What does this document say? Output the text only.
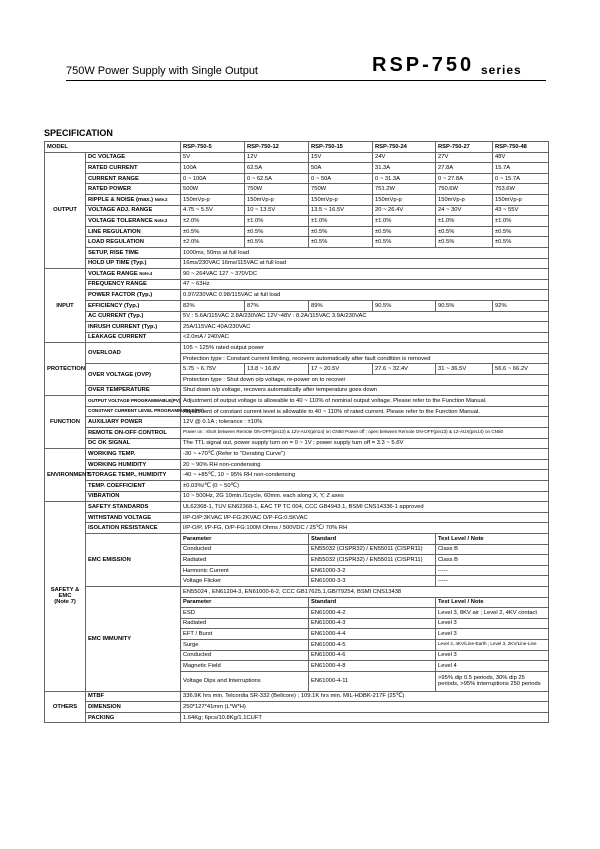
750W Power Supply with Single Output	RSP-750 series
SPECIFICATION
MODEL		RSP-750-5	RSP-750-12	RSP-750-15	RSP-750-24	RSP-750-27	RSP-750-48

OUTPUT	DC VOLTAGE	5V	12V	15V	24V	27V	48V
	RATED CURRENT	100A	62.5A	50A	31.3A	27.8A	15.7A
	CURRENT RANGE	0 ~ 100A	0 ~ 62.5A	0 ~ 50A	0 ~ 31.3A	0 ~ 27.8A	0 ~ 15.7A
	RATED POWER	500W	750W	750W	751.2W	750.6W	753.6W
	RIPPLE & NOISE (max.) Note.2	150mVp-p	150mVp-p	150mVp-p	150mVp-p	150mVp-p	150mVp-p
	VOLTAGE ADJ. RANGE	4.75 ~ 5.5V	10 ~ 13.5V	13.5 ~ 16.5V	20 ~ 26.4V	24 ~ 30V	43 ~ 55V
	VOLTAGE TOLERANCE Note.3	±2.0%	±1.0%	±1.0%	±1.0%	±1.0%	±1.0%
	LINE REGULATION	±0.5%	±0.5%	±0.5%	±0.5%	±0.5%	±0.5%
	LOAD REGULATION	±2.0%	±0.5%	±0.5%	±0.5%	±0.5%	±0.5%
	SETUP, RISE TIME	1000ms, 50ms at full load					
	HOLD UP TIME (Typ.)	16ms/230VAC 16ms/115VAC at full load					

INPUT	VOLTAGE RANGE Note.4	90 ~ 264VAC 127 ~ 370VDC					
	FREQUENCY RANGE	47 ~ 63Hz					
	POWER FACTOR (Typ.)	0.97/230VAC 0.98/115VAC at full load					
	EFFICIENCY (Typ.)	82%	87%	89%	90.5%	90.5%	92%
	AC CURRENT (Typ.)	5V : 5.6A/115VAC 2.8A/230VAC 12V~48V : 8.2A/115VAC 3.9A/230VAC					
	INRUSH CURRENT (Typ.)	25A/115VAC 40A/230VAC					
	LEAKAGE CURRENT	<2.0mA / 240VAC					

PROTECTION	OVERLOAD	105 ~ 125% rated output power					
		Protection type : Constant current limiting, recovers automatically after fault condition is removed					
	OVER VOLTAGE (OVP)	5.75 ~ 6.75V	13.8 ~ 16.8V	17 ~ 20.5V	27.6 ~ 32.4V	31 ~ 36.5V	56.6 ~ 66.2V
		Protection type : Shut down o/p voltage, re-power on to recover					
	OVER TEMPERATURE	Shut down o/p voltage, recovers automatically after temperature goes down					

FUNCTION	OUTPUT VOLTAGE PROGRAMMABLE(PV)	Adjustment of output voltage is allowable to 40 ~ 110% of nominal output voltage. Please refer to the Function Manual.					
	CONSTANT CURRENT LEVEL PROGRAMMABLE(PC)	Adjustment of constant current level is allowable to 40 ~ 110% of rated current. Please refer to the Function Manual.					
	AUXILIARY POWER	12V @ 0.1A ; tolerance : ±10%					
	REMOTE ON-OFF CONTROL	Power on : short between Remote ON-OFF(pin13) & 12V-AUX(pin14) on CN50 Power off : open between Remote ON-OFF(pin13) & 12-AUX(pin14) on CN50					
	DC OK SIGNAL	The TTL signal out, power supply turn on = 0 ~ 1V ; power supply turn off = 3.3 ~ 5.6V					

ENVIRONMENT	WORKING TEMP.	-30 ~ +70℃ (Refer to "Derating Curve")					
	WORKING HUMIDITY	20 ~ 90% RH non-condensing					
	STORAGE TEMP., HUMIDITY	-40 ~ +85℃, 10 ~ 95% RH non-condensing					
	TEMP. COEFFICIENT	±0.03%/℃ (0 ~ 50℃)					
	VIBRATION	10 ~ 500Hz, 2G 10min./1cycle, 60min. each along X, Y, Z axes					

SAFETY &
EMC
(Note 7)	SAFETY STANDARDS	UL62368-1, TUV EN62368-1, EAC TP TC 004, CCC GB4943.1, BSMI CNS14336-1 approved					
	WITHSTAND VOLTAGE	I/P-O/P:3KVAC I/P-FG:2KVAC O/P-FG:0.5KVAC					
	ISOLATION RESISTANCE	I/P-O/P, I/P-FG, O/P-FG:100M Ohms / 500VDC / 25℃/ 70% RH					
	EMC EMISSION	Parameter		Standard		Test Level / Note	
		Conducted		EN55032 (CISPR32) / EN55011 (CISPR11)		Class B	
		Radiated		EN55032 (CISPR32) / EN55011 (CISPR11)		Class B	
		Harmonic Current		EN61000-3-2		-----	
		Voltage Flicker		EN61000-3-3		-----	
	EMC IMMUNITY	EN55024 , EN61204-3, EN61000-6-2, CCC GB17625.1,GB/T9254, BSMI CNS13438					
		Parameter		Standard		Test Level / Note	
		ESD		EN61000-4-2		Level 3, 8KV air ; Level 2, 4KV contact	
		Radiated		EN61000-4-3		Level 3	
		EFT / Burst		EN61000-4-4		Level 3	
		Surge		EN61000-4-5		Level 4, 4KV/Line-Earth ; Level 3, 2KV/Line-Line	
		Conducted		EN61000-4-6		Level 3	
		Magnetic Field		EN61000-4-8		Level 4	
		Voltage Dips and Interruptions		EN61000-4-11		>95% dip 0.5 periods, 30% dip 25 periods, >95% interruptions 250 periods	

OTHERS	MTBF	336.9K hrs min. Telcordia SR-332 (Bellcore) ; 109.1K hrs min. MIL-HDBK-217F (25℃)					
	DIMENSION	250*127*41mm (L*W*H)					
	PACKING	1.64Kg; 6pcs/10.8Kg/1.1CUFT					
